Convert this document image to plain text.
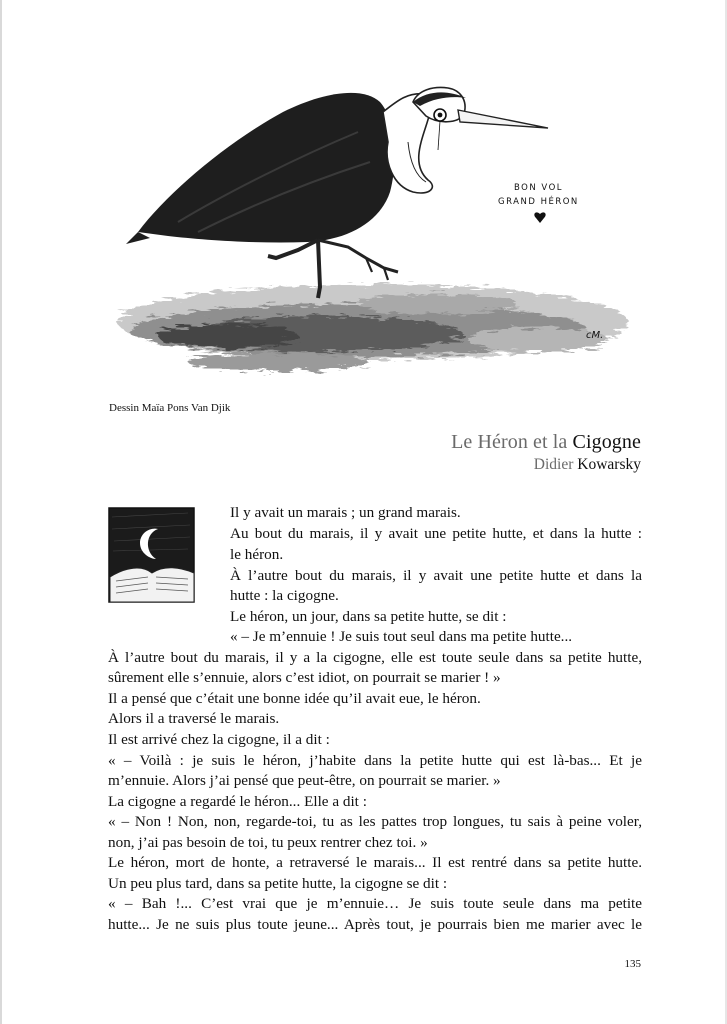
BON VOL
GRAND HÉRON
cM.
Dessin Maïa Pons Van Djik
Le Héron et la Cigogne
Didier Kowarsky
Il y avait un marais ; un grand marais.
Au bout du marais, il y avait une petite hutte, et dans la hutte :
le héron.
À l’autre bout du marais, il y avait une petite hutte et dans la
hutte : la cigogne.
Le héron, un jour, dans sa petite hutte, se dit :
« – Je m’ennuie ! Je suis tout seul dans ma petite hutte...
À l’autre bout du marais, il y a la cigogne, elle est toute seule dans sa petite hutte,
sûrement elle s’ennuie, alors c’est idiot, on pourrait se marier ! »
Il a pensé que c’était une bonne idée qu’il avait eue, le héron.
Alors il a traversé le marais.
Il est arrivé chez la cigogne, il a dit :
« – Voilà : je suis le héron, j’habite dans la petite hutte qui est là-bas... Et je
m’ennuie. Alors j’ai pensé que peut-être, on pourrait se marier. »
La cigogne a regardé le héron... Elle a dit :
« – Non ! Non, non, regarde-toi, tu as les pattes trop longues, tu sais à peine voler,
non, j’ai pas besoin de toi, tu peux rentrer chez toi. »
Le héron, mort de honte, a retraversé le marais... Il est rentré dans sa petite hutte.
Un peu plus tard, dans sa petite hutte, la cigogne se dit :
« – Bah !... C’est vrai que je m’ennuie… Je suis toute seule dans ma petite
hutte... Je ne suis plus toute jeune... Après tout, je pourrais bien me marier avec le
135
